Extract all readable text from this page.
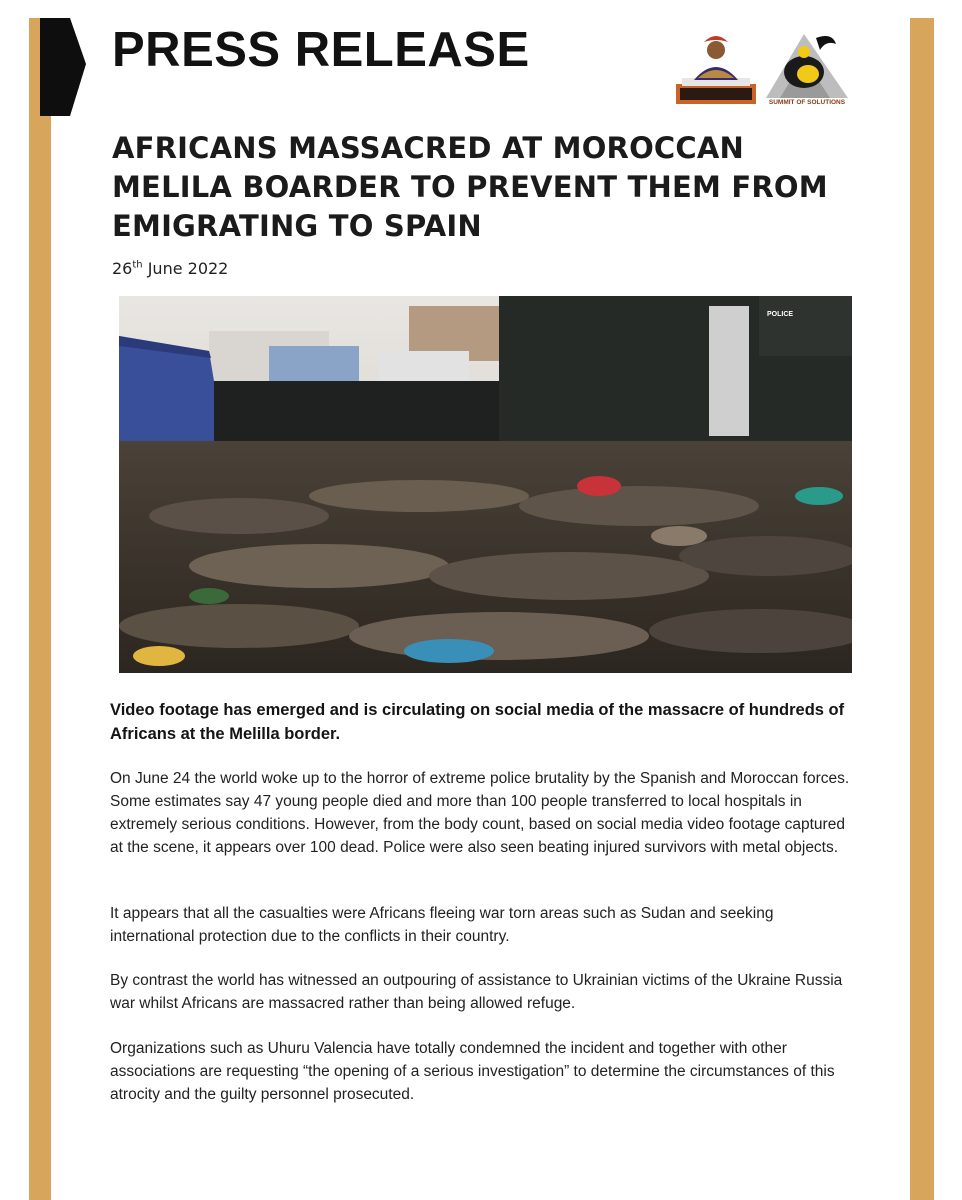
PRESS RELEASE
SUMMIT OF SOLUTIONS
AFRICANS MASSACRED AT MOROCCAN MELILA BOARDER TO PREVENT THEM FROM EMIGRATING TO SPAIN
26th June 2022
POLICE

Video footage has emerged and is circulating on social media of the massacre of hundreds of Africans at the Melilla border.

On June 24 the world woke up to the horror of extreme police brutality by the Spanish and Moroccan forces. Some estimates say 47 young people died and more than 100 people transferred to local hospitals in extremely serious conditions. However, from the body count, based on social media video footage captured at the scene, it appears over 100 dead. Police were also seen beating injured survivors with metal objects.

It appears that all the casualties were Africans fleeing war torn areas such as Sudan and seeking international protection due to the conflicts in their country.

By contrast the world has witnessed an outpouring of assistance to Ukrainian victims of the Ukraine Russia war whilst Africans are massacred rather than being allowed refuge.

Organizations such as Uhuru Valencia have totally condemned the incident and together with other associations are requesting “the opening of a serious investigation” to determine the circumstances of this atrocity and the guilty personnel prosecuted.
